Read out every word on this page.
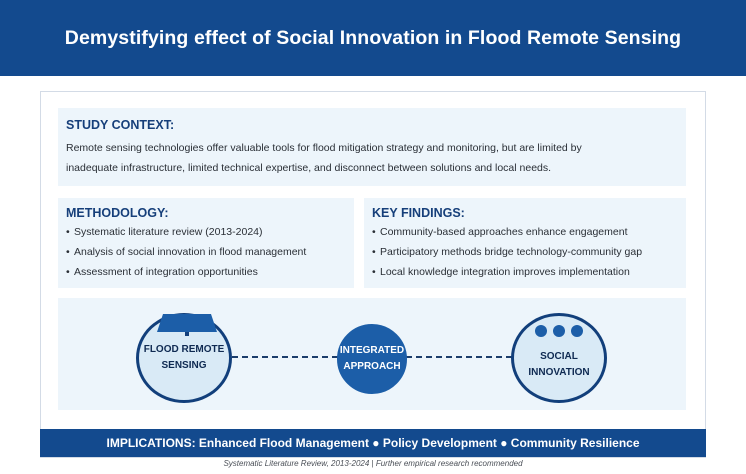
Demystifying effect of Social Innovation in Flood Remote Sensing
STUDY CONTEXT:
Remote sensing technologies offer valuable tools for flood mitigation strategy and monitoring, but are limited by
inadequate infrastructure, limited technical expertise, and disconnect between solutions and local needs.
METHODOLOGY:
• Systematic literature review (2013-2024)
• Analysis of social innovation in flood management
• Assessment of integration opportunities
KEY FINDINGS:
• Community-based approaches enhance engagement
• Participatory methods bridge technology-community gap
• Local knowledge integration improves implementation
FLOOD REMOTE
SENSING
INTEGRATED
APPROACH
SOCIAL
INNOVATION
IMPLICATIONS: Enhanced Flood Management ● Policy Development ● Community Resilience
Systematic Literature Review, 2013-2024 | Further empirical research recommended
